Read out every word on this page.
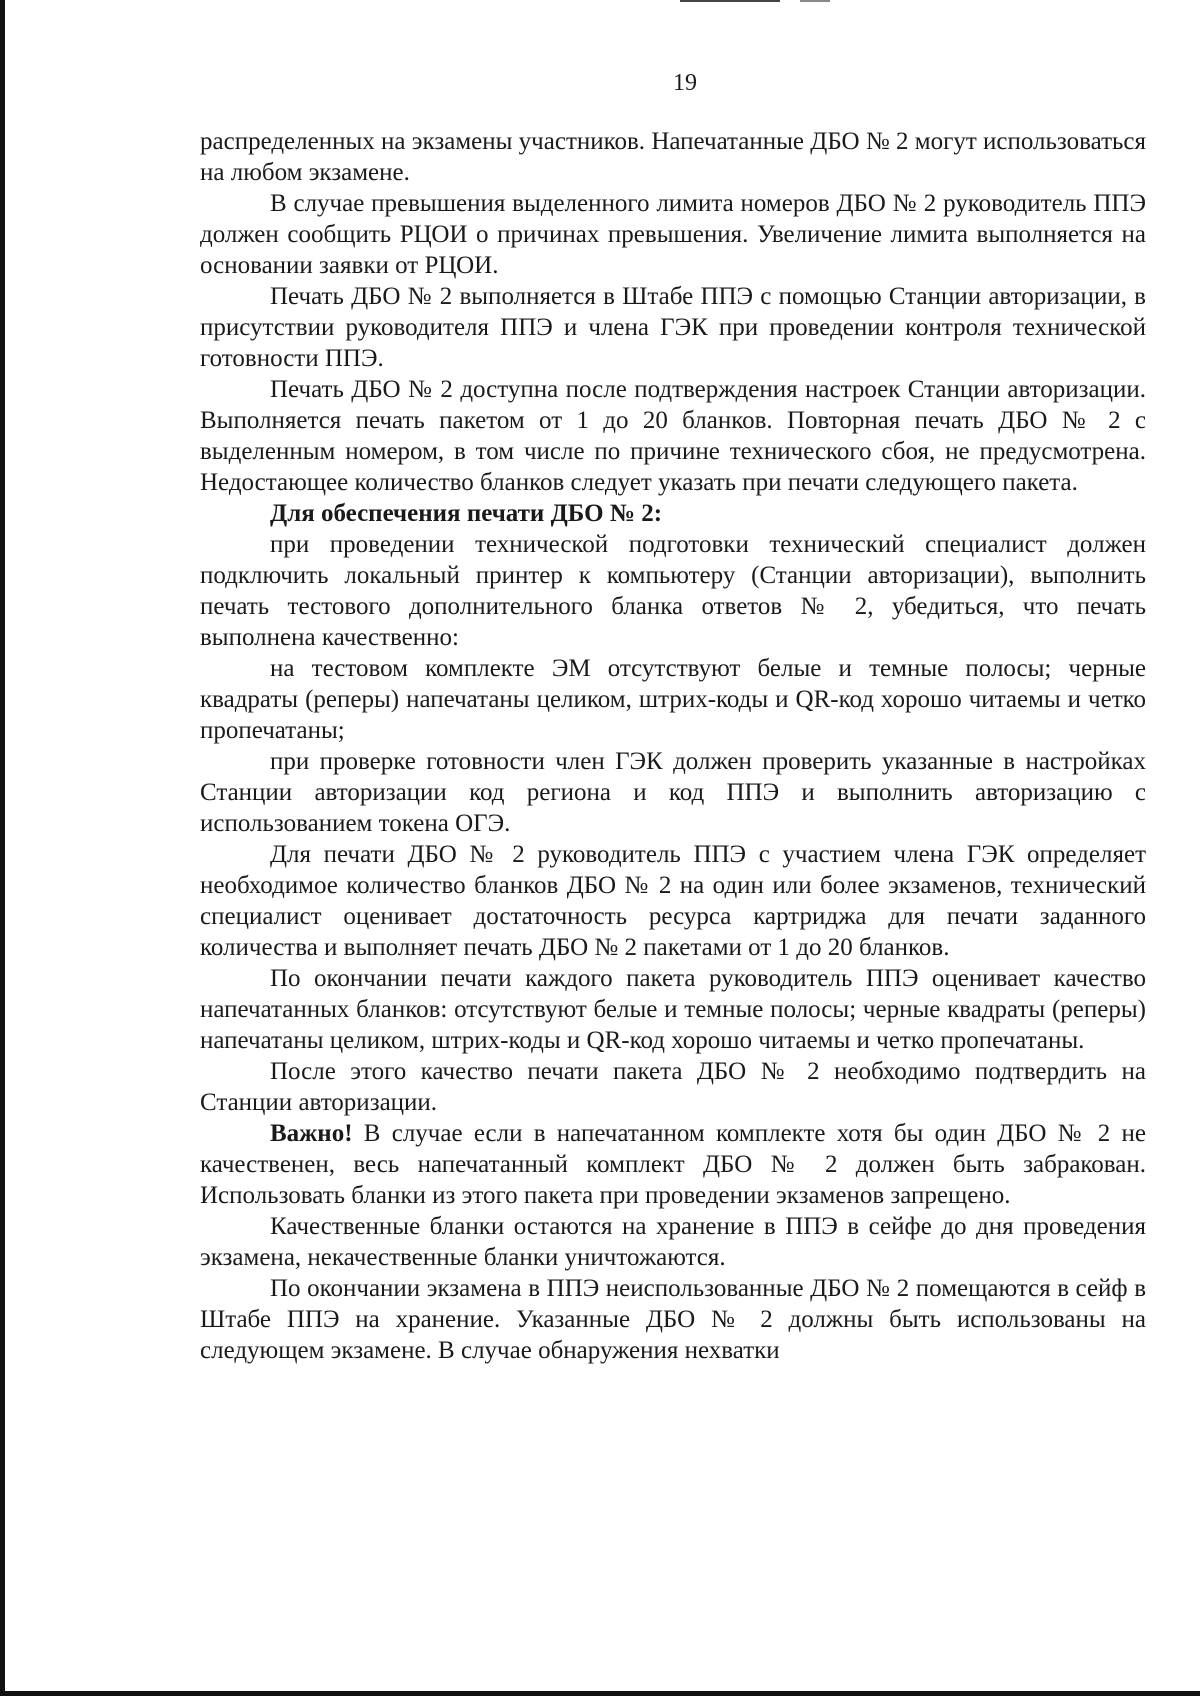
19

распределенных на экзамены участников. Напечатанные ДБО № 2 могут использоваться на любом экзамене.

В случае превышения выделенного лимита номеров ДБО № 2 руководитель ППЭ должен сообщить РЦОИ о причинах превышения. Увеличение лимита выполняется на основании заявки от РЦОИ.

Печать ДБО № 2 выполняется в Штабе ППЭ с помощью Станции авторизации, в присутствии руководителя ППЭ и члена ГЭК при проведении контроля технической готовности ППЭ.

Печать ДБО № 2 доступна после подтверждения настроек Станции авторизации. Выполняется печать пакетом от 1 до 20 бланков. Повторная печать ДБО № 2 с выделенным номером, в том числе по причине технического сбоя, не предусмотрена. Недостающее количество бланков следует указать при печати следующего пакета.

Для обеспечения печати ДБО № 2:

при проведении технической подготовки технический специалист должен подключить локальный принтер к компьютеру (Станции авторизации), выполнить печать тестового дополнительного бланка ответов № 2, убедиться, что печать выполнена качественно:

на тестовом комплекте ЭМ отсутствуют белые и темные полосы; черные квадраты (реперы) напечатаны целиком, штрих-коды и QR-код хорошо читаемы и четко пропечатаны;

при проверке готовности член ГЭК должен проверить указанные в настройках Станции авторизации код региона и код ППЭ и выполнить авторизацию с использованием токена ОГЭ.

Для печати ДБО № 2 руководитель ППЭ с участием члена ГЭК определяет необходимое количество бланков ДБО № 2 на один или более экзаменов, технический специалист оценивает достаточность ресурса картриджа для печати заданного количества и выполняет печать ДБО № 2 пакетами от 1 до 20 бланков.

По окончании печати каждого пакета руководитель ППЭ оценивает качество напечатанных бланков: отсутствуют белые и темные полосы; черные квадраты (реперы) напечатаны целиком, штрих-коды и QR-код хорошо читаемы и четко пропечатаны.

После этого качество печати пакета ДБО № 2 необходимо подтвердить на Станции авторизации.

Важно! В случае если в напечатанном комплекте хотя бы один ДБО № 2 не качественен, весь напечатанный комплект ДБО № 2 должен быть забракован. Использовать бланки из этого пакета при проведении экзаменов запрещено.

Качественные бланки остаются на хранение в ППЭ в сейфе до дня проведения экзамена, некачественные бланки уничтожаются.

По окончании экзамена в ППЭ неиспользованные ДБО № 2 помещаются в сейф в Штабе ППЭ на хранение. Указанные ДБО № 2 должны быть использованы на следующем экзамене. В случае обнаружения нехватки
